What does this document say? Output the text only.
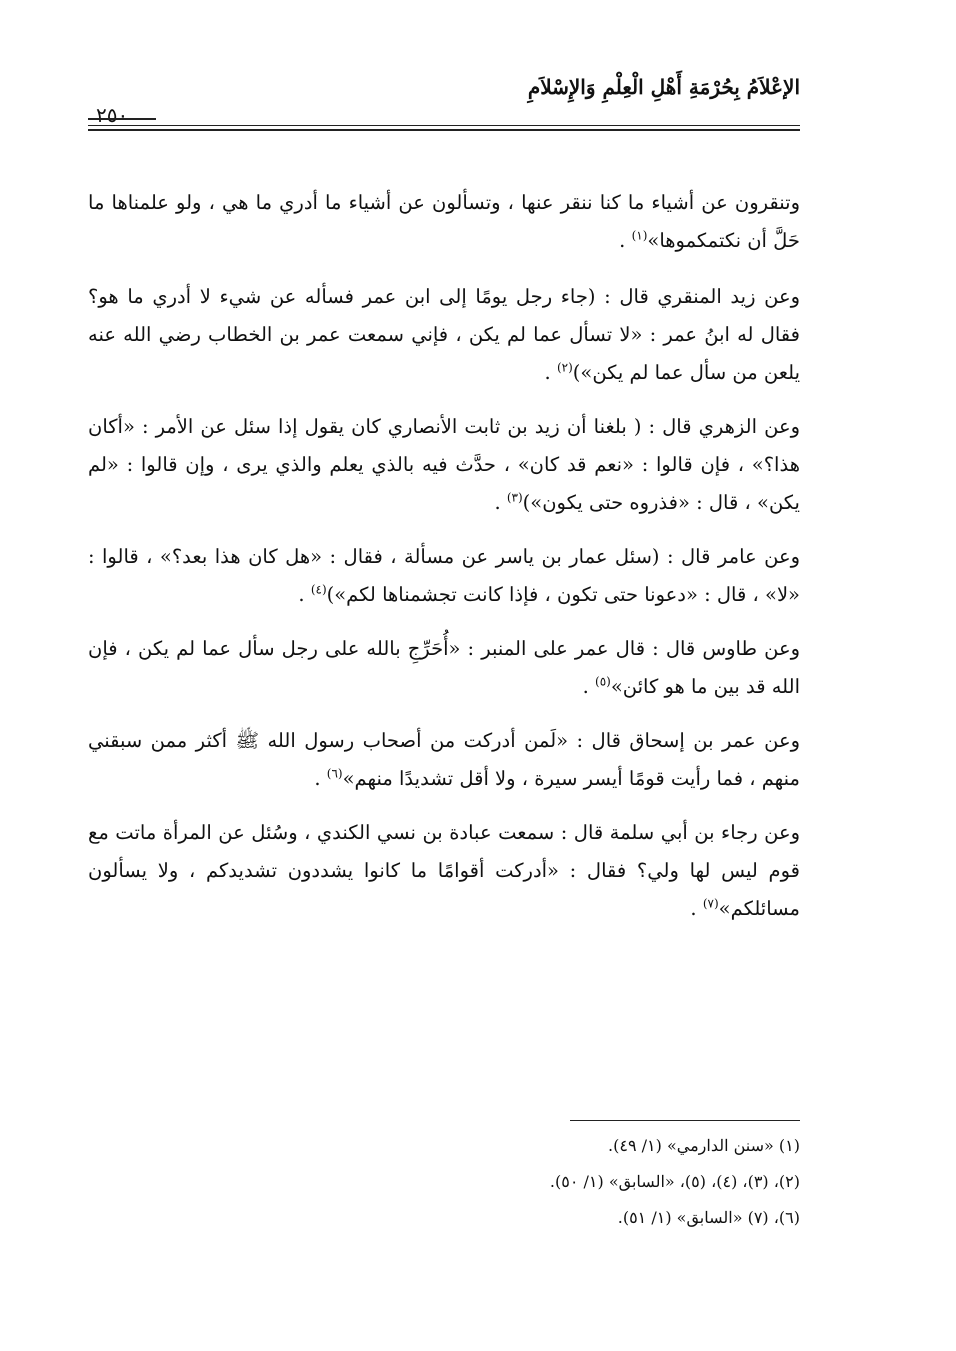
الإعْلاَمُ بِحُرْمَةِ أَهْلِ الْعِلْمِ وَالإِسْلاَمِ
٢٥٠

وتنقرون عن أشياء ما كنا ننقر عنها ، وتسألون عن أشياء ما أدري ما هي ، ولو علمناها ما حَلَّ أن نكتمكموها»$^{(١)}$ .

وعن زيد المنقري قال : (جاء رجل يومًا إلى ابن عمر فسأله عن شيء لا أدري ما هو؟ فقال له ابنُ عمر : «لا تسأل عما لم يكن ، فإني سمعت عمر بن الخطاب رضي الله عنه يلعن من سأل عما لم يكن»)$^{(٢)}$ .

وعن الزهري قال : ( بلغنا أن زيد بن ثابت الأنصاري كان يقول إذا سئل عن الأمر : «أكان هذا؟» ، فإن قالوا : «نعم قد كان» ، حدَّث فيه بالذي يعلم والذي يرى ، وإن قالوا : «لم يكن» ، قال : «فذروه حتى يكون»)$^{(٣)}$ .

وعن عامر قال : (سئل عمار بن ياسر عن مسألة ، فقال : «هل كان هذا بعد؟» ، قالوا : «لا» ، قال : «دعونا حتى تكون ، فإذا كانت تجشمناها لكم»)$^{(٤)}$ .

وعن طاوس قال : قال عمر على المنبر : «أُحَرِّجِ بالله على رجل سأل عما لم يكن ، فإن الله قد بين ما هو كائن»$^{(٥)}$ .

وعن عمر بن إسحاق قال : «لَمن أدركت من أصحاب رسول الله ﷺ أكثر ممن سبقني منهم ، فما رأيت قومًا أيسر سيرة ، ولا أقل تشديدًا منهم»$^{(٦)}$ .

وعن رجاء بن أبي سلمة قال : سمعت عبادة بن نسي الكندي ، وسُئل عن المرأة ماتت مع قوم ليس لها ولي؟ فقال : «أدركت أقوامًا ما كانوا يشددون تشديدكم ، ولا يسألون مسائلكم»$^{(٧)}$ .

(١) «سنن الدارمي» (١/ ٤٩).
(٢)، (٣)، (٤)، (٥)، «السابق» (١/ ٥٠).
(٦)، (٧) «السابق» (١/ ٥١).
